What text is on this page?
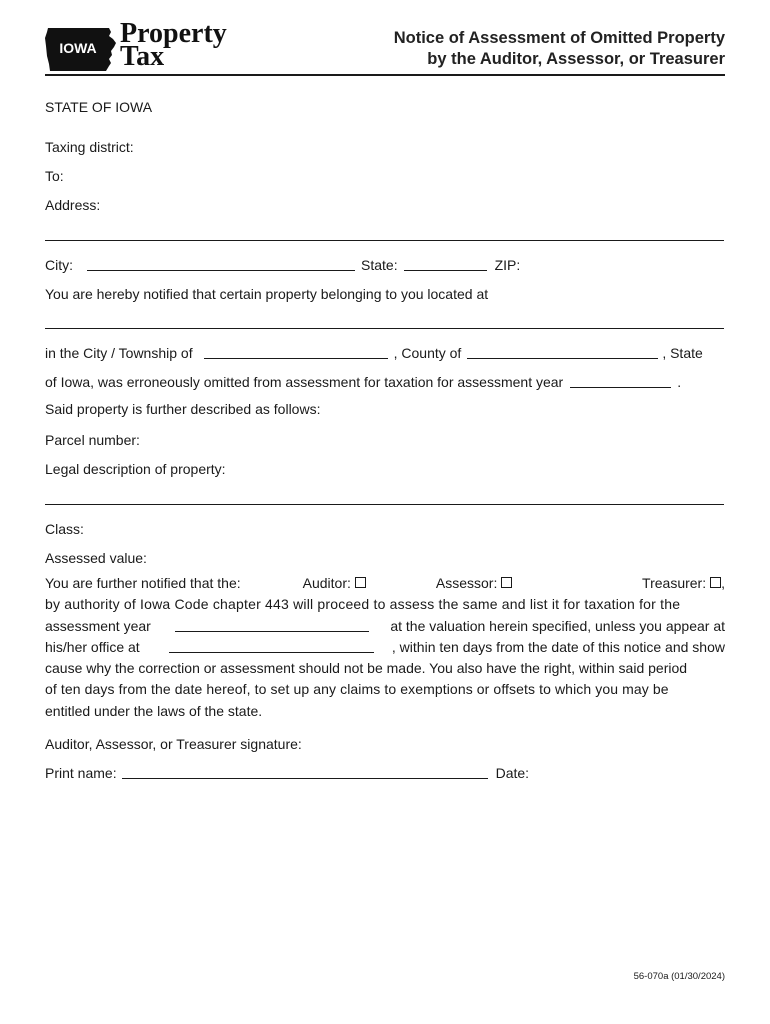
IOWA Property
Tax
Notice of Assessment of Omitted Property
by the Auditor, Assessor, or Treasurer
STATE OF IOWA
Taxing district:
To:
Address:
City:	State:	ZIP:
You are hereby notified that certain property belonging to you located at
in the City / Township of	, County of	, State
of Iowa, was erroneously omitted from assessment for taxation for assessment year	.
Said property is further described as follows:
Parcel number:
Legal description of property:
Class:
Assessed value:
You are further notified that the:	Auditor:	Assessor:	Treasurer: ,
by authority of Iowa Code chapter 443 will proceed to assess the same and list it for taxation for the
assessment year	at the valuation herein specified, unless you appear at
his/her office at	, within ten days from the date of this notice and show
cause why the correction or assessment should not be made. You also have the right, within said period
of ten days from the date hereof, to set up any claims to exemptions or offsets to which you may be
entitled under the laws of the state.
Auditor, Assessor, or Treasurer signature:
Print name:	Date:
56-070a (01/30/2024)
